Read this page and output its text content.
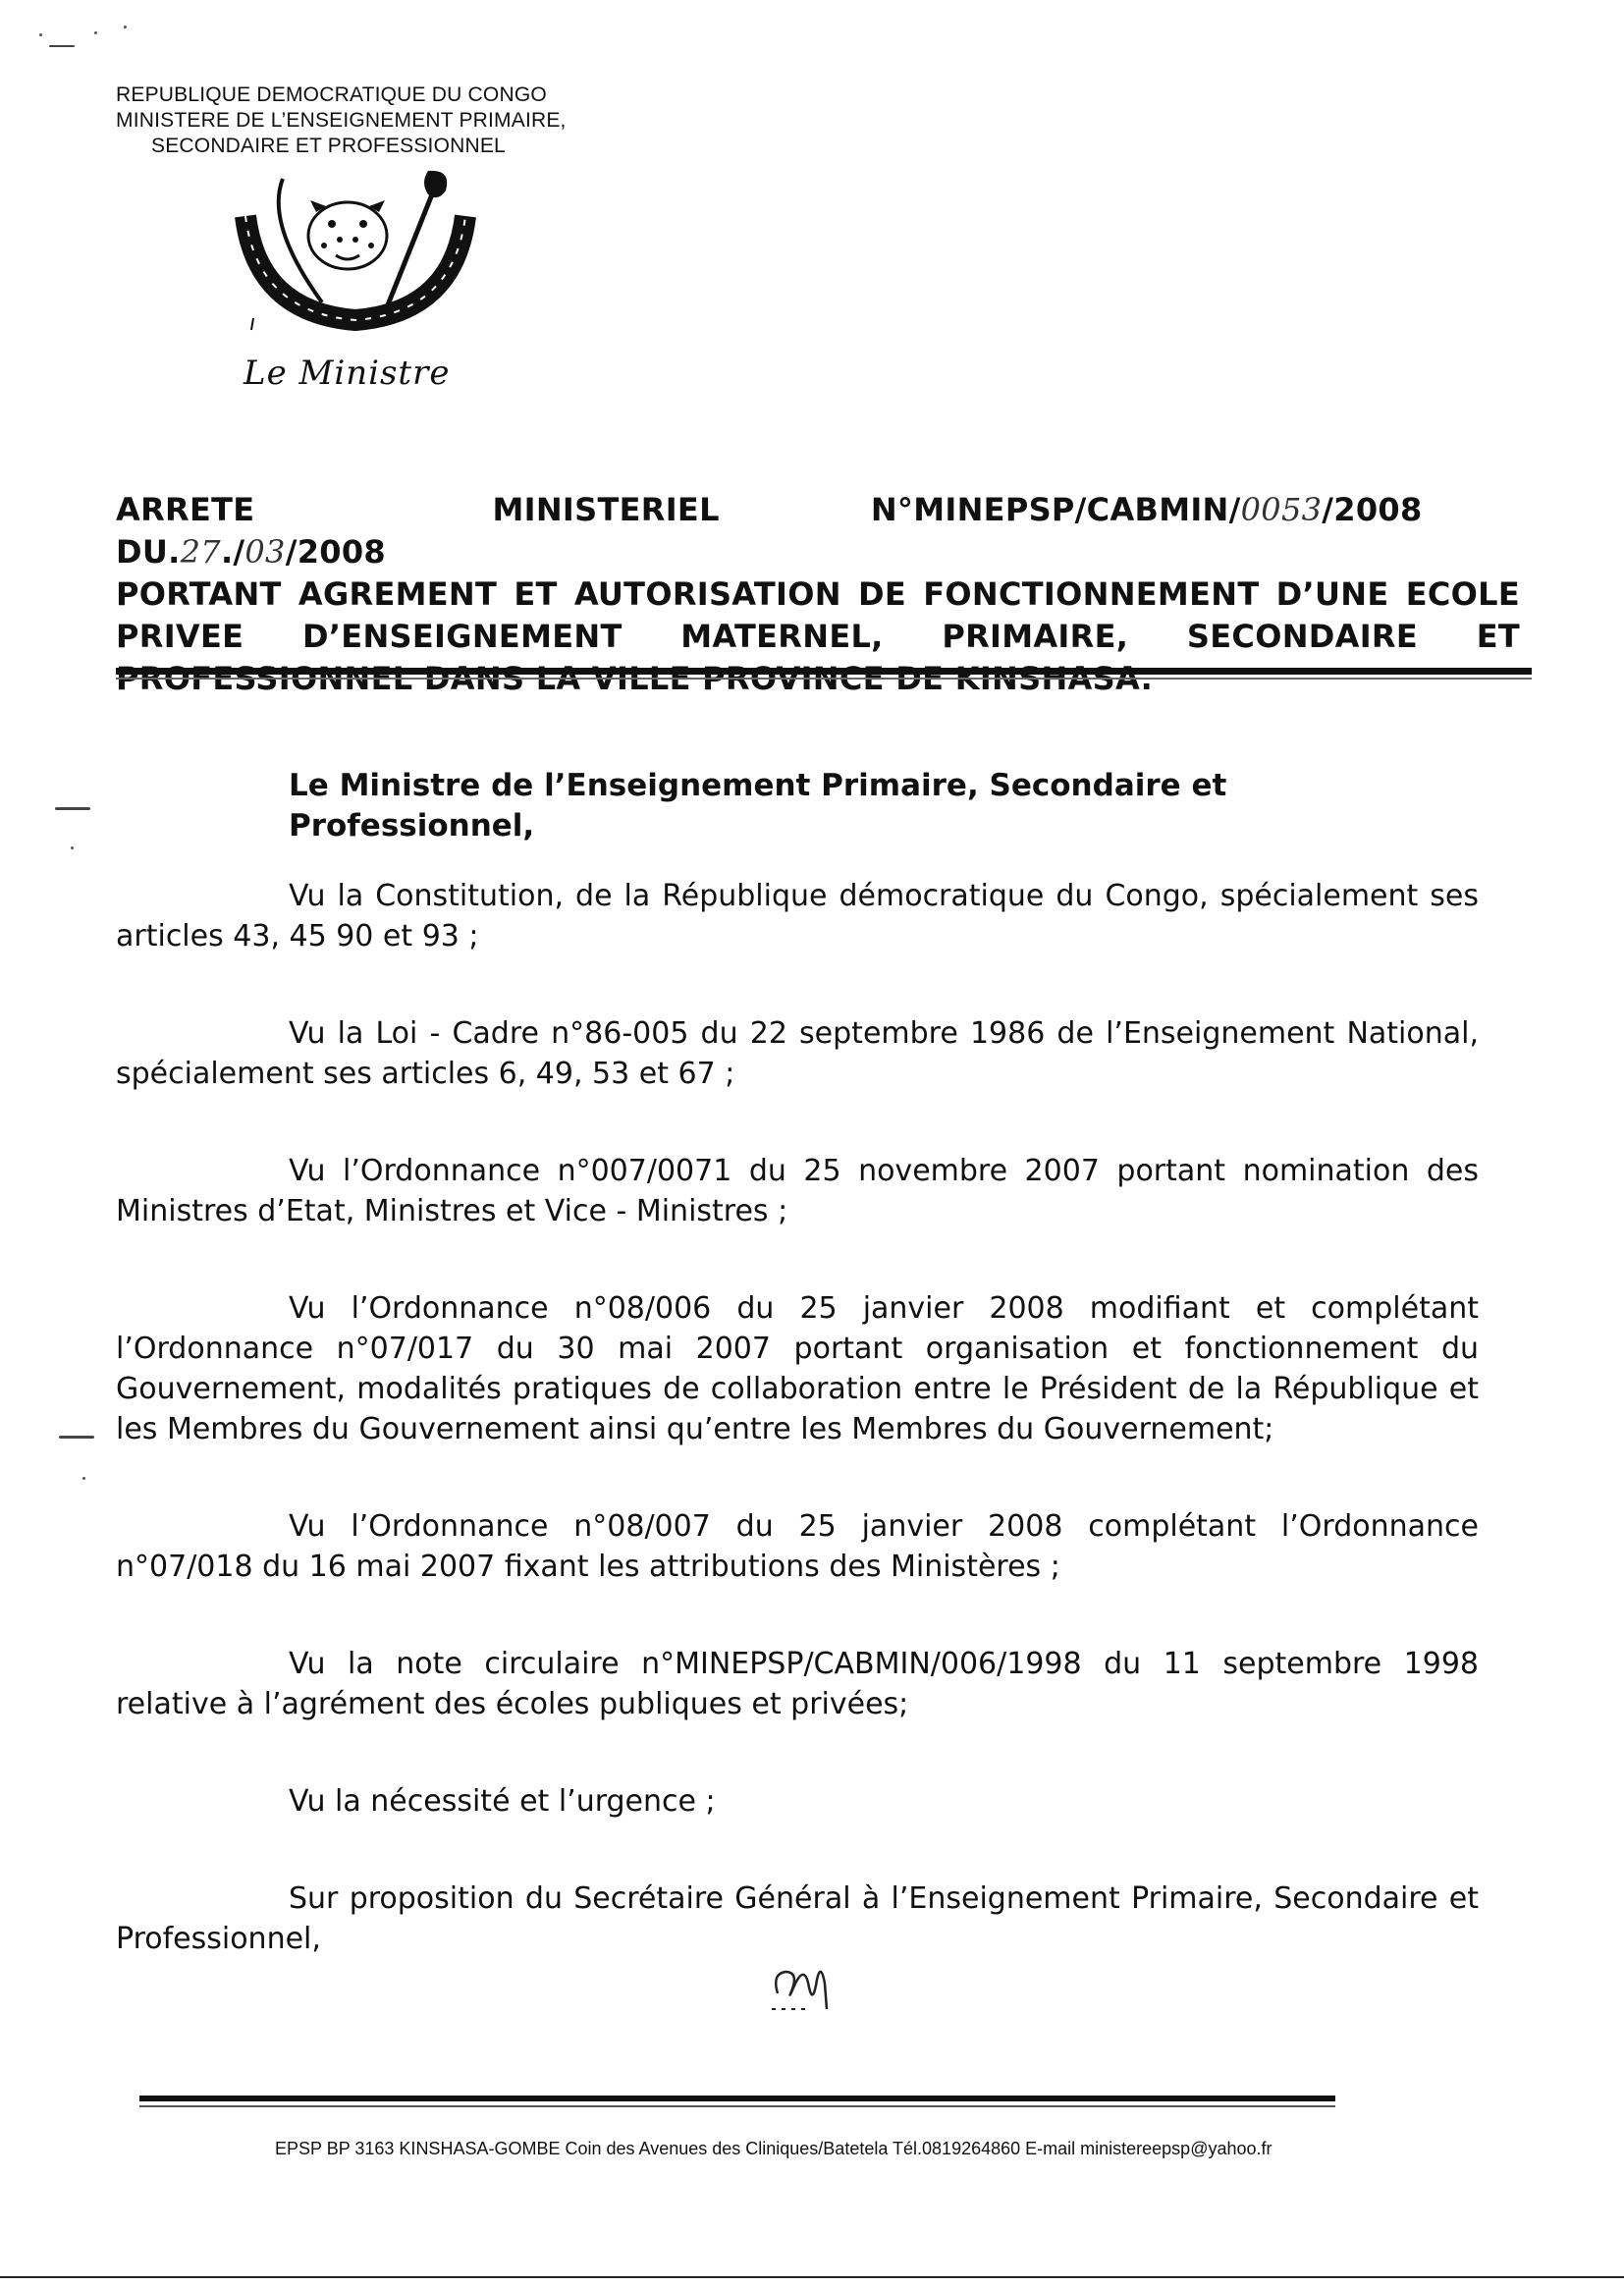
REPUBLIQUE DEMOCRATIQUE DU CONGO
MINISTERE DE L’ENSEIGNEMENT PRIMAIRE,
SECONDAIRE ET PROFESSIONNEL
Le Ministre
ARRETE	MINISTERIEL	N°MINEPSP/CABMIN/0053/2008      DU.27./03/2008
PORTANT AGREMENT ET AUTORISATION DE FONCTIONNEMENT D’UNE ECOLE
PRIVEE D’ENSEIGNEMENT MATERNEL, PRIMAIRE, SECONDAIRE ET
Le Ministre de l’Enseignement Primaire, Secondaire et Professionnel,

Vu la Constitution, de la République démocratique du Congo, spécialement ses articles 43, 45 90 et 93 ;

Vu la Loi - Cadre n°86-005 du 22 septembre 1986 de l’Enseignement National, spécialement ses articles 6, 49, 53 et 67 ;

Vu l’Ordonnance n°007/0071 du 25 novembre 2007 portant nomination des Ministres d’Etat, Ministres et Vice - Ministres ;

Vu l’Ordonnance n°08/006 du 25 janvier 2008 modifiant et complétant l’Ordonnance n°07/017 du 30 mai 2007 portant organisation et fonctionnement du Gouvernement, modalités pratiques de collaboration entre le Président de la République et les Membres du Gouvernement ainsi qu’entre les Membres du Gouvernement;

Vu l’Ordonnance n°08/007 du 25 janvier 2008 complétant l’Ordonnance n°07/018 du 16 mai 2007 fixant les attributions des Ministères ;

Vu la note circulaire n°MINEPSP/CABMIN/006/1998 du 11 septembre 1998 relative à l’agrément des écoles publiques et privées;

Vu la nécessité et l’urgence ;

Sur proposition du Secrétaire Général à l’Enseignement Primaire, Secondaire et Professionnel,

EPSP BP 3163 KINSHASA-GOMBE Coin des Avenues des Cliniques/Batetela Tél.0819264860 E-mail ministereepsp@yahoo.fr
